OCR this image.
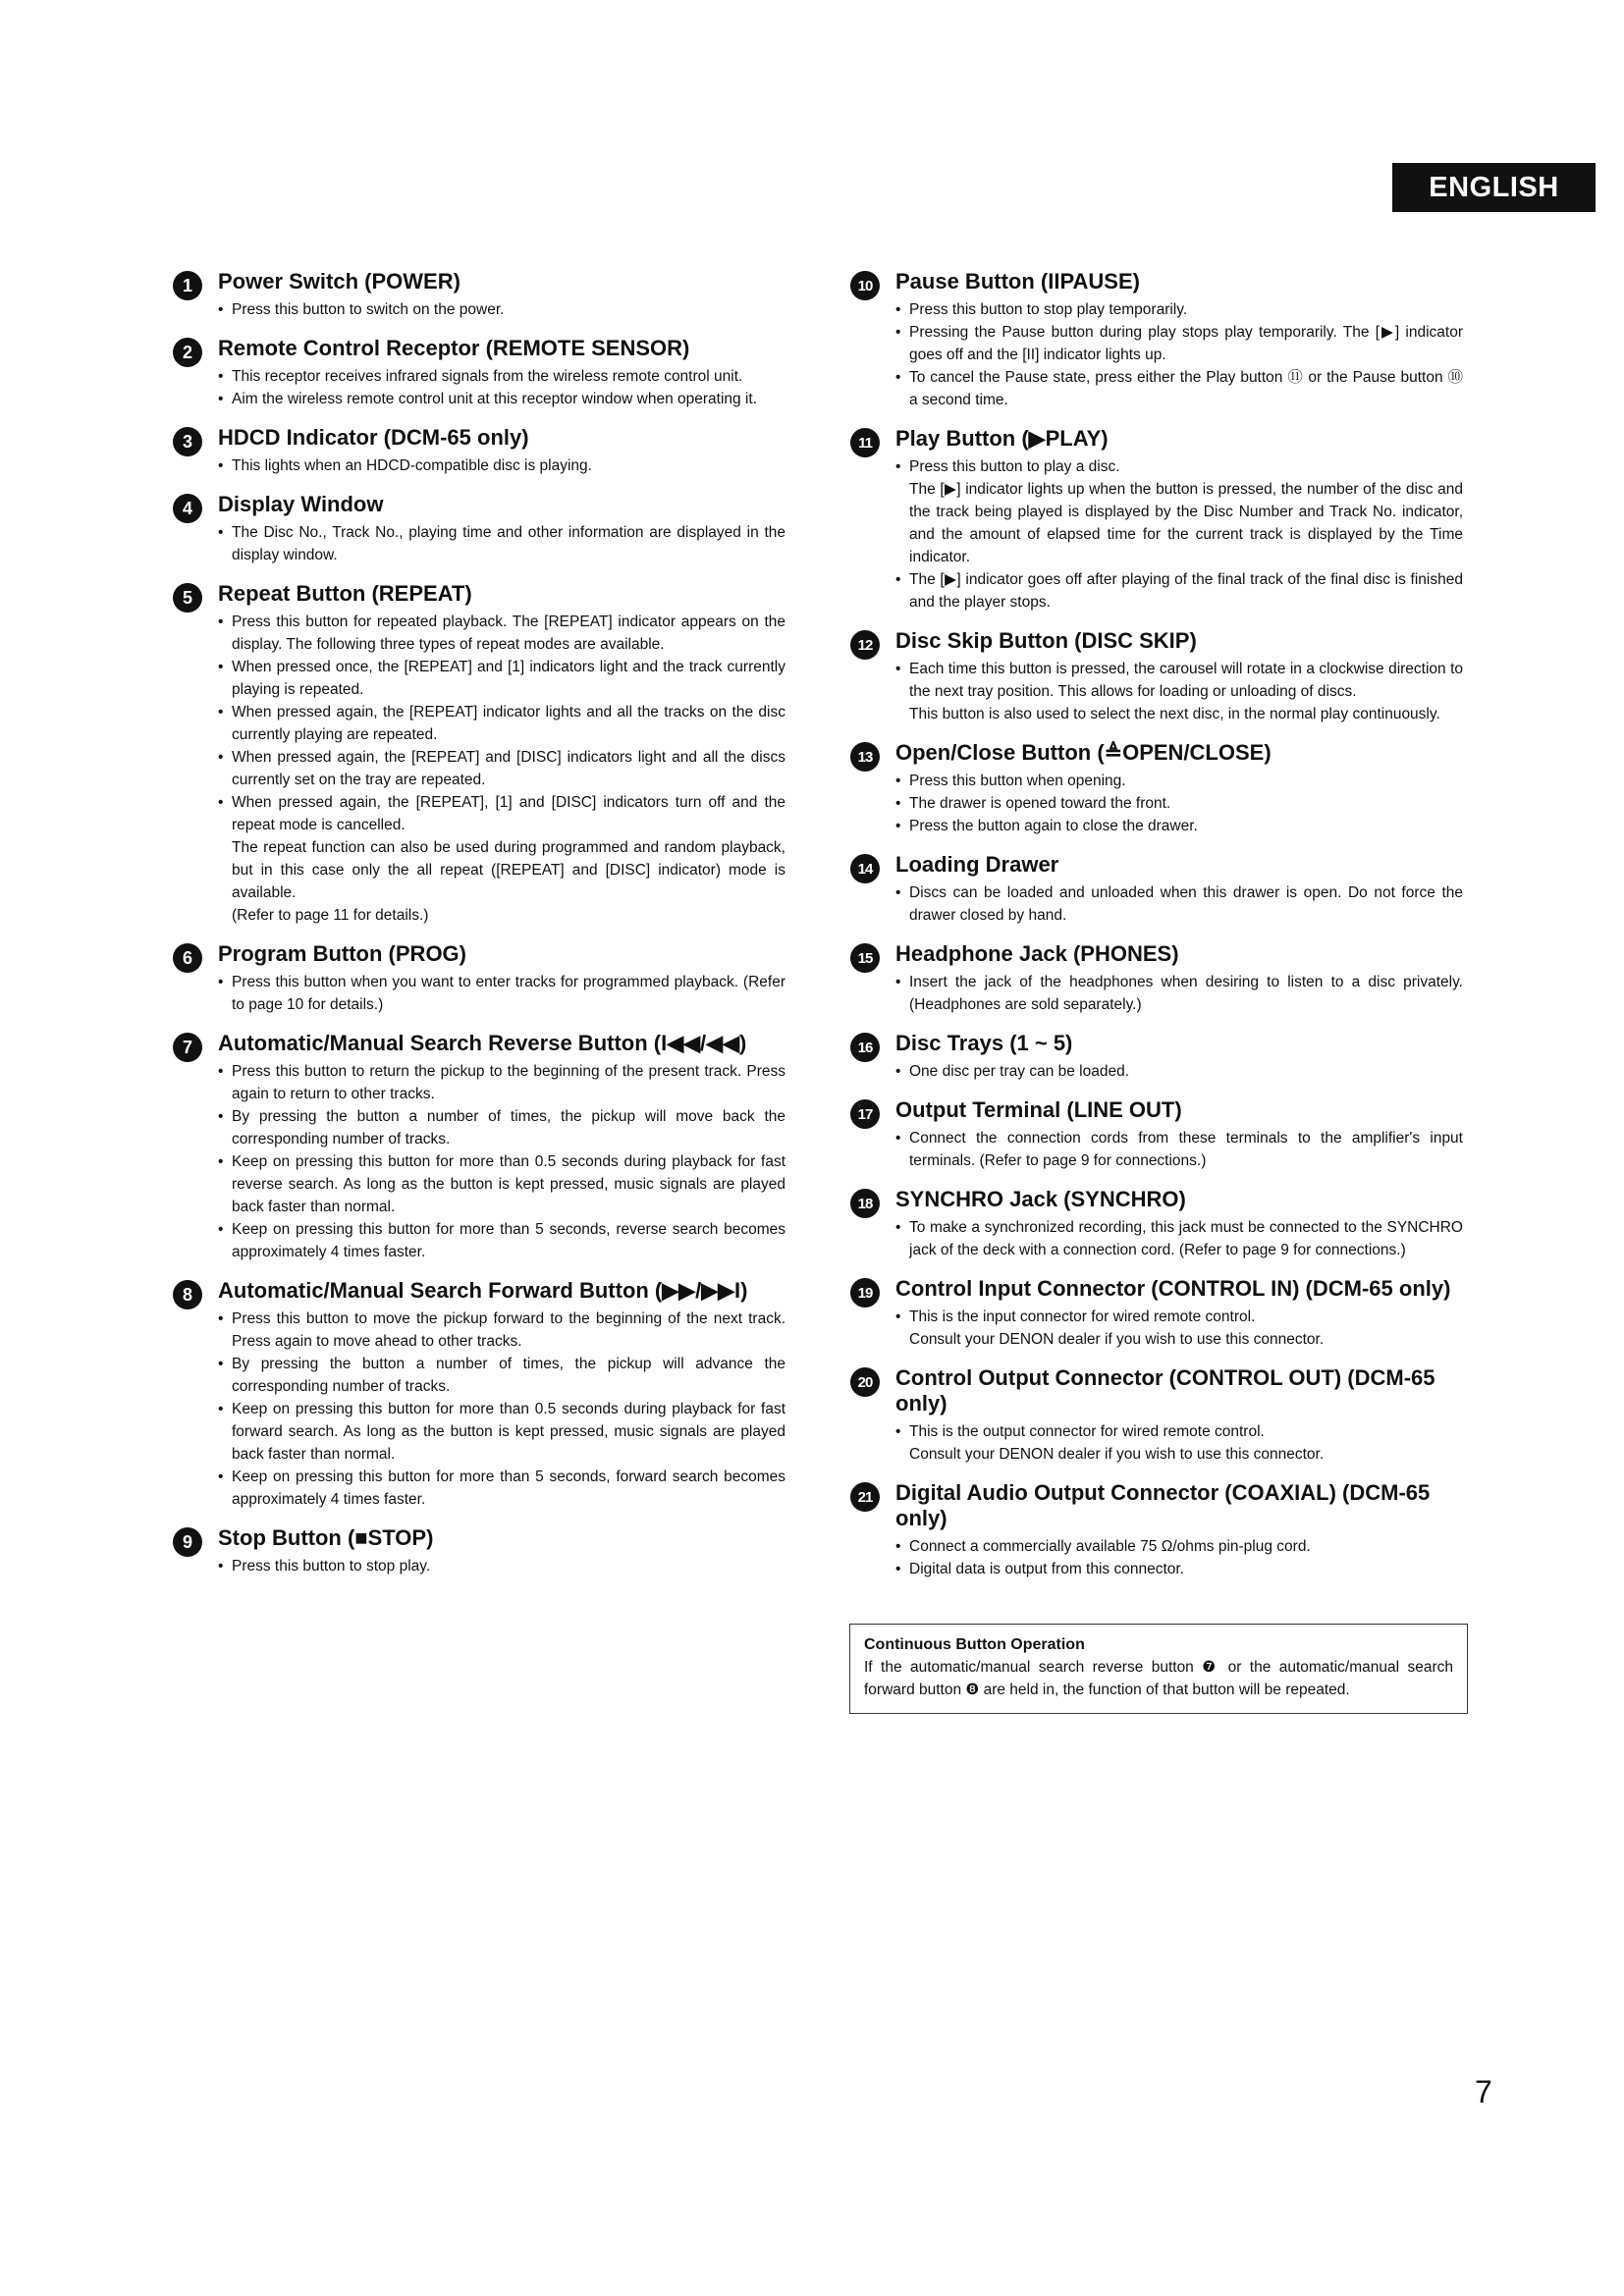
ENGLISH
1	Power Switch (POWER)
• Press this button to switch on the power.
2	Remote Control Receptor (REMOTE SENSOR)
• This receptor receives infrared signals from the wireless remote control unit.
• Aim the wireless remote control unit at this receptor window when operating it.
3	HDCD Indicator (DCM-65 only)
• This lights when an HDCD-compatible disc is playing.
4	Display Window
• The Disc No., Track No., playing time and other information are displayed in the display window.
5	Repeat Button (REPEAT)
• Press this button for repeated playback. The [REPEAT] indicator appears on the display. The following three types of repeat modes are available.
• When pressed once, the [REPEAT] and [1] indicators light and the track currently playing is repeated.
• When pressed again, the [REPEAT] indicator lights and all the tracks on the disc currently playing are repeated.
• When pressed again, the [REPEAT] and [DISC] indicators light and all the discs currently set on the tray are repeated.
• When pressed again, the [REPEAT], [1] and [DISC] indicators turn off and the repeat mode is cancelled.
The repeat function can also be used during programmed and random playback, but in this case only the all repeat ([REPEAT] and [DISC] indicator) mode is available.
(Refer to page 11 for details.)
6	Program Button (PROG)
• Press this button when you want to enter tracks for programmed playback. (Refer to page 10 for details.)
7	Automatic/Manual Search Reverse Button (I◀◀/◀◀)
• Press this button to return the pickup to the beginning of the present track. Press again to return to other tracks.
• By pressing the button a number of times, the pickup will move back the corresponding number of tracks.
• Keep on pressing this button for more than 0.5 seconds during playback for fast reverse search. As long as the button is kept pressed, music signals are played back faster than normal.
• Keep on pressing this button for more than 5 seconds, reverse search becomes approximately 4 times faster.
8	Automatic/Manual Search Forward Button (▶▶/▶▶I)
• Press this button to move the pickup forward to the beginning of the next track. Press again to move ahead to other tracks.
• By pressing the button a number of times, the pickup will advance the corresponding number of tracks.
• Keep on pressing this button for more than 0.5 seconds during playback for fast forward search. As long as the button is kept pressed, music signals are played back faster than normal.
• Keep on pressing this button for more than 5 seconds, forward search becomes approximately 4 times faster.
9	Stop Button (■STOP)
• Press this button to stop play.
10	Pause Button (IIPAUSE)
• Press this button to stop play temporarily.
• Pressing the Pause button during play stops play temporarily. The [▶] indicator goes off and the [II] indicator lights up.
• To cancel the Pause state, press either the Play button ⑪ or the Pause button ⑩ a second time.
11	Play Button (▶PLAY)
• Press this button to play a disc.
The [▶] indicator lights up when the button is pressed, the number of the disc and the track being played is displayed by the Disc Number and Track No. indicator, and the amount of elapsed time for the current track is displayed by the Time indicator.
• The [▶] indicator goes off after playing of the final track of the final disc is finished and the player stops.
12	Disc Skip Button (DISC SKIP)
• Each time this button is pressed, the carousel will rotate in a clockwise direction to the next tray position. This allows for loading or unloading of discs.
This button is also used to select the next disc, in the normal play continuously.
13	Open/Close Button (≜OPEN/CLOSE)
• Press this button when opening.
• The drawer is opened toward the front.
• Press the button again to close the drawer.
14	Loading Drawer
• Discs can be loaded and unloaded when this drawer is open. Do not force the drawer closed by hand.
15	Headphone Jack (PHONES)
• Insert the jack of the headphones when desiring to listen to a disc privately. (Headphones are sold separately.)
16	Disc Trays (1 ~ 5)
• One disc per tray can be loaded.
17	Output Terminal (LINE OUT)
• Connect the connection cords from these terminals to the amplifier's input terminals. (Refer to page 9 for connections.)
18	SYNCHRO Jack (SYNCHRO)
• To make a synchronized recording, this jack must be connected to the SYNCHRO jack of the deck with a connection cord. (Refer to page 9 for connections.)
19	Control Input Connector (CONTROL IN) (DCM-65 only)
• This is the input connector for wired remote control.
Consult your DENON dealer if you wish to use this connector.
20	Control Output Connector (CONTROL OUT) (DCM-65 only)
• This is the output connector for wired remote control.
Consult your DENON dealer if you wish to use this connector.
21	Digital Audio Output Connector (COAXIAL) (DCM-65 only)
• Connect a commercially available 75 Ω/ohms pin-plug cord.
• Digital data is output from this connector.
Continuous Button Operation
If the automatic/manual search reverse button ❼ or the automatic/manual search forward button ❽ are held in, the function of that button will be repeated.
7
